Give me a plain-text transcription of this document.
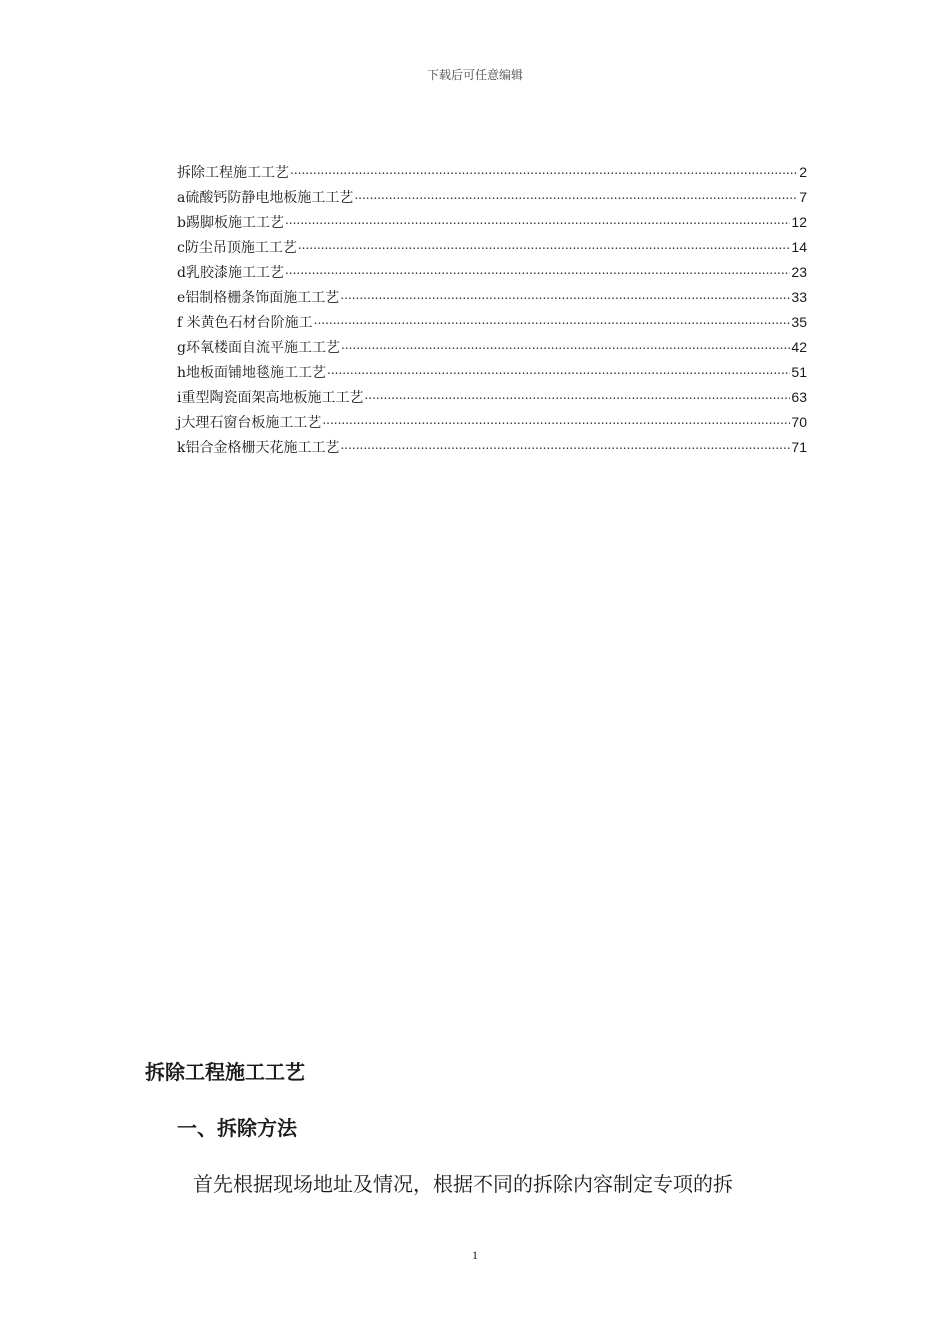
下载后可任意编辑
拆除工程施工工艺 .....	2
a硫酸钙防静电地板施工工艺 .....	7
b踢脚板施工工艺 .....	12
c防尘吊顶施工工艺 .....	14
d乳胶漆施工工艺 .....	23
e铝制格栅条饰面施工工艺 .....	33
f 米黄色石材台阶施工 .....	35
g环氧楼面自流平施工工艺 .....	42
h地板面铺地毯施工工艺 .....	51
i重型陶瓷面架高地板施工工艺 .....	63
j大理石窗台板施工工艺 .....	70
k铝合金格栅天花施工工艺 .....	71
拆除工程施工工艺
一、拆除方法
首先根据现场地址及情况，根据不同的拆除内容制定专项的拆
1
